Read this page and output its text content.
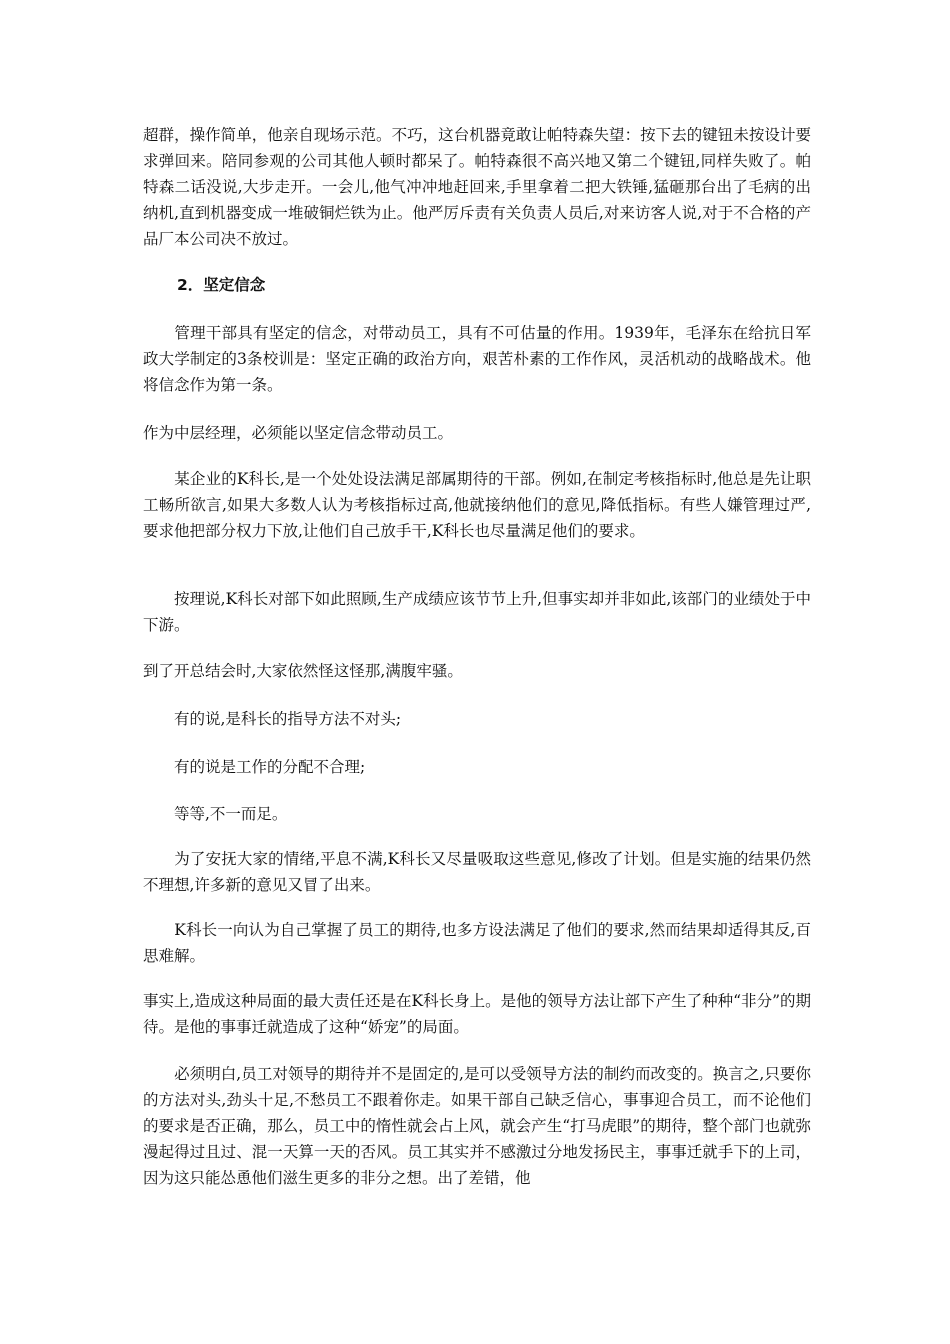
超群，操作简单，他亲自现场示范。不巧，这台机器竟敢让帕特森失望：按下去的键钮未按设计要求弹回来。陪同参观的公司其他人顿时都呆了。帕特森很不高兴地又第二个键钮,同样失败了。帕特森二话没说,大步走开。一会儿,他气冲冲地赶回来,手里拿着二把大铁锤,猛砸那台出了毛病的出纳机,直到机器变成一堆破铜烂铁为止。他严厉斥责有关负责人员后,对来访客人说,对于不合格的产品厂本公司决不放过。

2．坚定信念

　　管理干部具有坚定的信念，对带动员工，具有不可估量的作用。1939年，毛泽东在给抗日军政大学制定的3条校训是：坚定正确的政治方向，艰苦朴素的工作作风，灵活机动的战略战术。他将信念作为第一条。

作为中层经理，必须能以坚定信念带动员工。

　　某企业的K科长,是一个处处设法满足部属期待的干部。例如,在制定考核指标时,他总是先让职工畅所欲言,如果大多数人认为考核指标过高,他就接纳他们的意见,降低指标。有些人嫌管理过严,要求他把部分权力下放,让他们自己放手干,K科长也尽量满足他们的要求。

　　按理说,K科长对部下如此照顾,生产成绩应该节节上升,但事实却并非如此,该部门的业绩处于中下游。

到了开总结会时,大家依然怪这怪那,满腹牢骚。

　　有的说,是科长的指导方法不对头;

　　有的说是工作的分配不合理;

　　等等,不一而足。

　　为了安抚大家的情绪,平息不满,K科长又尽量吸取这些意见,修改了计划。但是实施的结果仍然不理想,许多新的意见又冒了出来。

　　K科长一向认为自己掌握了员工的期待,也多方设法满足了他们的要求,然而结果却适得其反,百思难解。

事实上,造成这种局面的最大责任还是在K科长身上。是他的领导方法让部下产生了种种“非分”的期待。是他的事事迁就造成了这种“娇宠”的局面。

　　必须明白,员工对领导的期待并不是固定的,是可以受领导方法的制约而改变的。换言之,只要你的方法对头,劲头十足,不愁员工不跟着你走。如果干部自己缺乏信心，事事迎合员工，而不论他们的要求是否正确，那么，员工中的惰性就会占上风，就会产生“打马虎眼”的期待，整个部门也就弥漫起得过且过、混一天算一天的否风。员工其实并不感激过分地发扬民主，事事迁就手下的上司，因为这只能怂恿他们滋生更多的非分之想。出了差错，他
